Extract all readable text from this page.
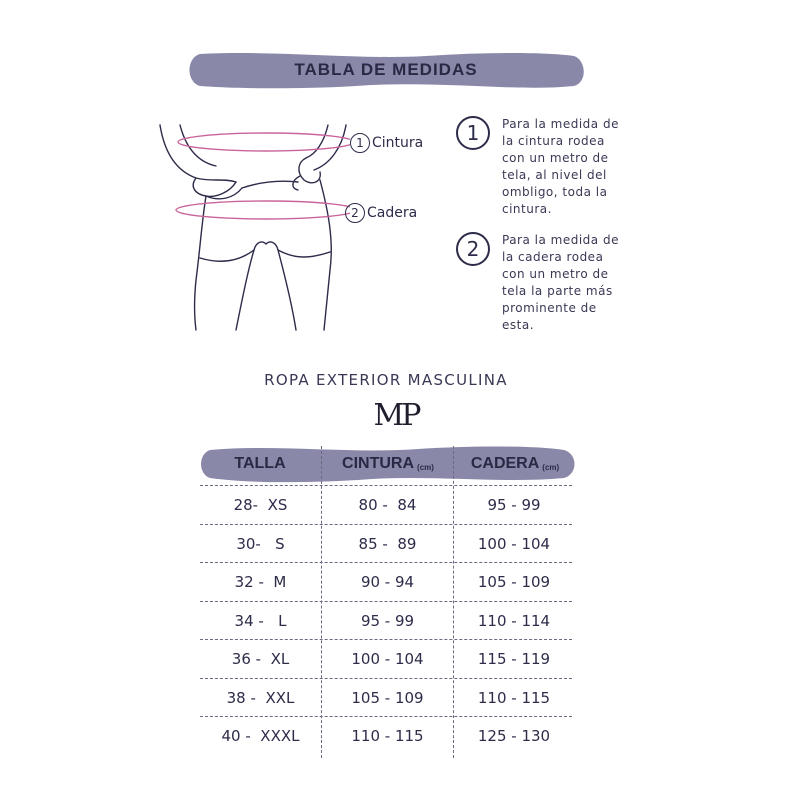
TABLA DE MEDIDAS
1 Cintura
2 Cadera
1	Para la medida de
la cintura rodea
con un metro de
tela, al nivel del
ombligo, toda la
cintura.
2	Para la medida de
la cadera rodea
con un metro de
tela la parte más
prominente de
esta.
ROPA EXTERIOR MASCULINA
MP
TALLA	CINTURA (cm) CADERA (cm)
28-  XS	80 -  84	95 - 99
30-   S	85 -  89	100 - 104
32 -  M	90 - 94	105 - 109
34 -   L	95 - 99	110 - 114
36 -  XL	100 - 104	115 - 119
38 -  XXL	105 - 109	110 - 115
40 -  XXXL	110 - 115	125 - 130
